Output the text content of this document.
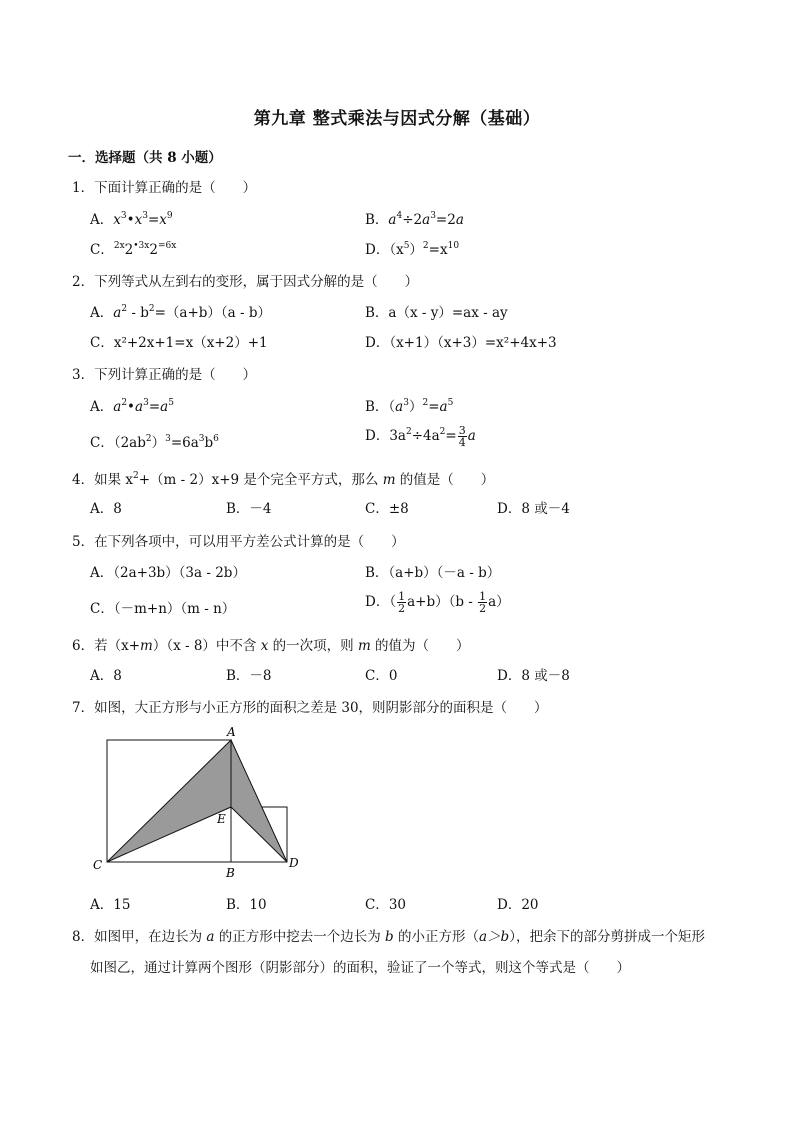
第九章 整式乘法与因式分解（基础）
一．选择题（共 8 小题）
1．下面计算正确的是（　　）
A．$x^3•x^3=x^9$	B．$a^4\div 2a^3=2a$
C．$^{2x}2^{•3x}2^{=6x}$	D．$(x^5)^2=x^{10}$
2．下列等式从左到右的变形，属于因式分解的是（　　）
A．$a^2 - b^2=(a+b)(a - b)$	B．a（x - y）=ax - ay
C．x²+2x+1=x（x+2）+1	D．（x+1）（x+3）=x²+4x+3
3．下列计算正确的是（　　）
A．$a^2•a^3=a^5$	B．$(a^3)^2=a^5$
C．$(2ab^2)^3=6a^3b^6$	D．$3a^2\div 4a^2= \frac{3}{4}$ a
4．如果 $x^2+(m - 2)x+9$ 是个完全平方式，那么 m 的值是（　　）
A．8	B．－4	C．±8	D．8 或－4
5．在下列各项中，可以用平方差公式计算的是（　　）
A．（2a+3b）（3a - 2b）	B．（a+b）（－a - b）
C．（－m+n）（m - n）	D．（ $\frac{1}{2} a+b)(b - \frac{1}{2} a)$
6．若（x+m）（x - 8）中不含 x 的一次项，则 m 的值为（　　）
A．8	B．－8	C．0	D．8 或－8
7．如图，大正方形与小正方形的面积之差是 30，则阴影部分的面积是（　　）
A
E
C
B
D
A．15	B．10	C．30	D．20
8．如图甲，在边长为 a 的正方形中挖去一个边长为 b 的小正方形（a＞b），把余下的部分剪拼成一个矩形
如图乙，通过计算两个图形（阴影部分）的面积，验证了一个等式，则这个等式是（　　）
